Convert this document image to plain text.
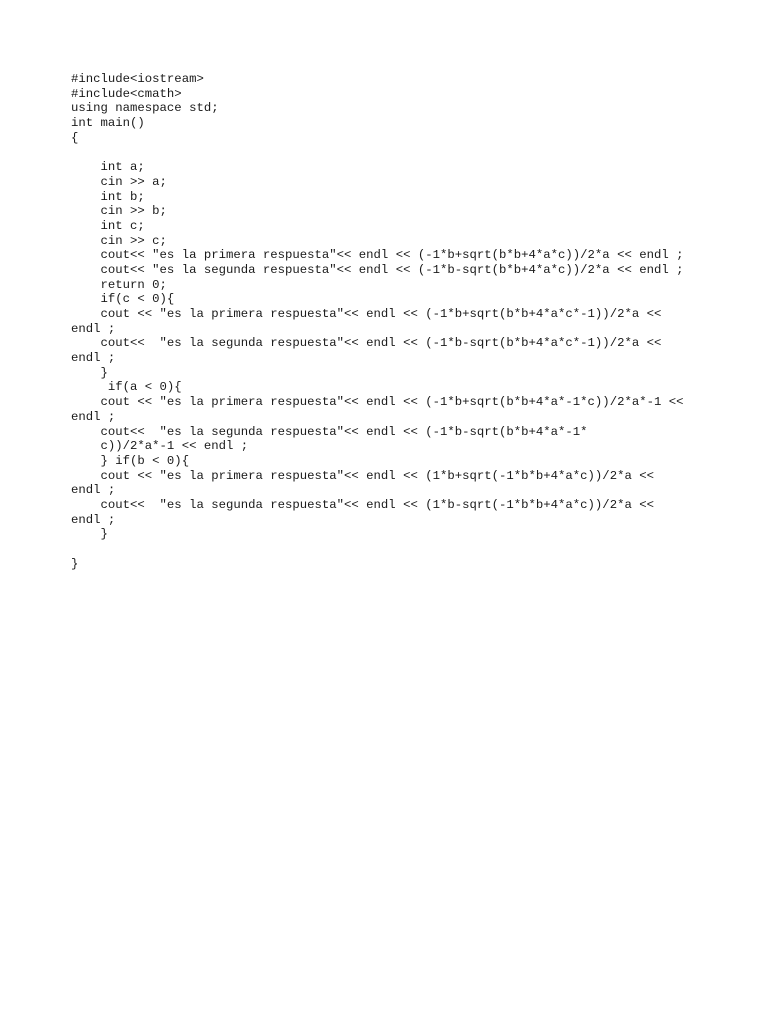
#include<iostream>
#include<cmath>
using namespace std;
int main()
{
int a;
cin >> a;
int b;
cin >> b;
int c;
cin >> c;
cout<< "es la primera respuesta"<< endl << (-1*b+sqrt(b*b+4*a*c))/2*a << endl ;
cout<< "es la segunda respuesta"<< endl << (-1*b-sqrt(b*b+4*a*c))/2*a << endl ;
return 0;
if(c < 0){
cout << "es la primera respuesta"<< endl << (-1*b+sqrt(b*b+4*a*c*-1))/2*a <<
endl ;
cout<<  "es la segunda respuesta"<< endl << (-1*b-sqrt(b*b+4*a*c*-1))/2*a <<
endl ;
}
if(a < 0){
cout << "es la primera respuesta"<< endl << (-1*b+sqrt(b*b+4*a*-1*c))/2*a*-1 <<
endl ;
cout<<  "es la segunda respuesta"<< endl << (-1*b-sqrt(b*b+4*a*-1*
c))/2*a*-1 << endl ;
} if(b < 0){
cout << "es la primera respuesta"<< endl << (1*b+sqrt(-1*b*b+4*a*c))/2*a <<
endl ;
cout<<  "es la segunda respuesta"<< endl << (1*b-sqrt(-1*b*b+4*a*c))/2*a <<
endl ;
}
}
